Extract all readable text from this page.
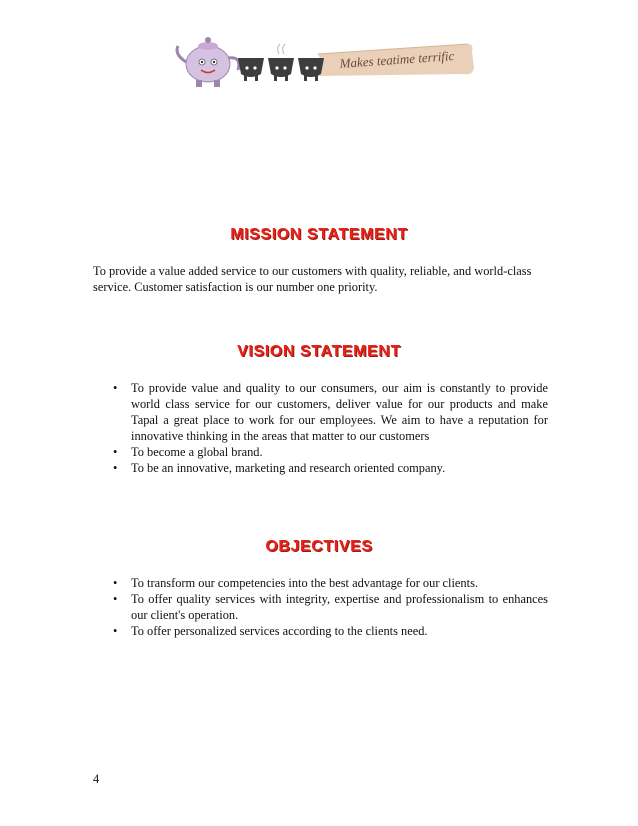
Makes teatime terrific
MISSION STATEMENT

To provide a value added service to our customers with quality, reliable, and world-class service. Customer satisfaction is our number one priority.

VISION STATEMENT
• To provide value and quality to our consumers, our aim is constantly to provide world class service for our customers, deliver value for our products and make Tapal a great place to work for our employees. We aim to have a reputation for innovative thinking in the areas that matter to our customers
• To become a global brand.
• To be an innovative, marketing and research oriented company.
OBJECTIVES
• To transform our competencies into the best advantage for our clients.
• To offer quality services with integrity, expertise and professionalism to enhances our client's operation.
• To offer personalized services according to the clients need.
4
